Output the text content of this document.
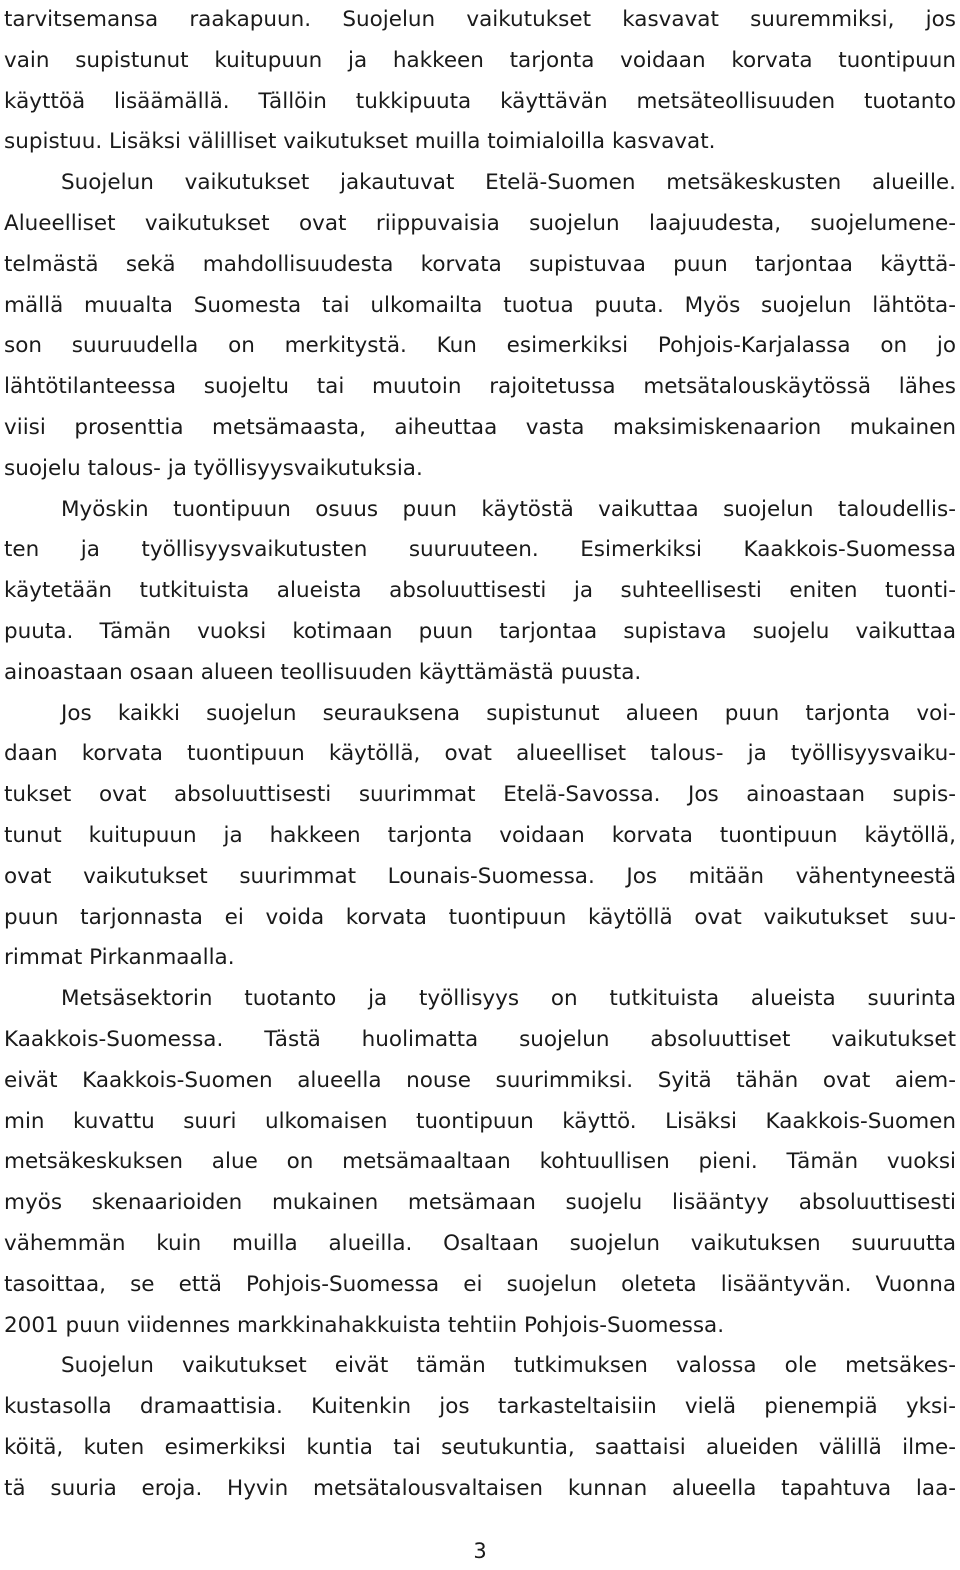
tarvitsemansa raakapuun. Suojelun vaikutukset kasvavat suuremmiksi, jos
vain supistunut kuitupuun ja hakkeen tarjonta voidaan korvata tuontipuun
käyttöä lisäämällä. Tällöin tukkipuuta käyttävän metsäteollisuuden tuotanto
supistuu. Lisäksi välilliset vaikutukset muilla toimialoilla kasvavat.

Suojelun vaikutukset jakautuvat Etelä-Suomen metsäkeskusten alueille.
Alueelliset vaikutukset ovat riippuvaisia suojelun laajuudesta, suojelumene-
telmästä sekä mahdollisuudesta korvata supistuvaa puun tarjontaa käyttä-
mällä muualta Suomesta tai ulkomailta tuotua puuta. Myös suojelun lähtöta-
son suuruudella on merkitystä. Kun esimerkiksi Pohjois-Karjalassa on jo
lähtötilanteessa suojeltu tai muutoin rajoitetussa metsätalouskäytössä lähes
viisi prosenttia metsämaasta, aiheuttaa vasta maksimiskenaarion mukainen
suojelu talous- ja työllisyysvaikutuksia.

Myöskin tuontipuun osuus puun käytöstä vaikuttaa suojelun taloudellis-
ten ja työllisyysvaikutusten suuruuteen. Esimerkiksi Kaakkois-Suomessa
käytetään tutkituista alueista absoluuttisesti ja suhteellisesti eniten tuonti-
puuta. Tämän vuoksi kotimaan puun tarjontaa supistava suojelu vaikuttaa
ainoastaan osaan alueen teollisuuden käyttämästä puusta.

Jos kaikki suojelun seurauksena supistunut alueen puun tarjonta voi-
daan korvata tuontipuun käytöllä, ovat alueelliset talous- ja työllisyysvaiku-
tukset ovat absoluuttisesti suurimmat Etelä-Savossa. Jos ainoastaan supis-
tunut kuitupuun ja hakkeen tarjonta voidaan korvata tuontipuun käytöllä,
ovat vaikutukset suurimmat Lounais-Suomessa. Jos mitään vähentyneestä
puun tarjonnasta ei voida korvata tuontipuun käytöllä ovat vaikutukset suu-
rimmat Pirkanmaalla.

Metsäsektorin tuotanto ja työllisyys on tutkituista alueista suurinta
Kaakkois-Suomessa. Tästä huolimatta suojelun absoluuttiset vaikutukset
eivät Kaakkois-Suomen alueella nouse suurimmiksi. Syitä tähän ovat aiem-
min kuvattu suuri ulkomaisen tuontipuun käyttö. Lisäksi Kaakkois-Suomen
metsäkeskuksen alue on metsämaaltaan kohtuullisen pieni. Tämän vuoksi
myös skenaarioiden mukainen metsämaan suojelu lisääntyy absoluuttisesti
vähemmän kuin muilla alueilla. Osaltaan suojelun vaikutuksen suuruutta
tasoittaa, se että Pohjois-Suomessa ei suojelun oleteta lisääntyvän. Vuonna
2001 puun viidennes markkinahakkuista tehtiin Pohjois-Suomessa.

Suojelun vaikutukset eivät tämän tutkimuksen valossa ole metsäkes-
kustasolla dramaattisia. Kuitenkin jos tarkasteltaisiin vielä pienempiä yksi-
köitä, kuten esimerkiksi kuntia tai seutukuntia, saattaisi alueiden välillä ilme-
tä suuria eroja. Hyvin metsätalousvaltaisen kunnan alueella tapahtuva laa-

3
